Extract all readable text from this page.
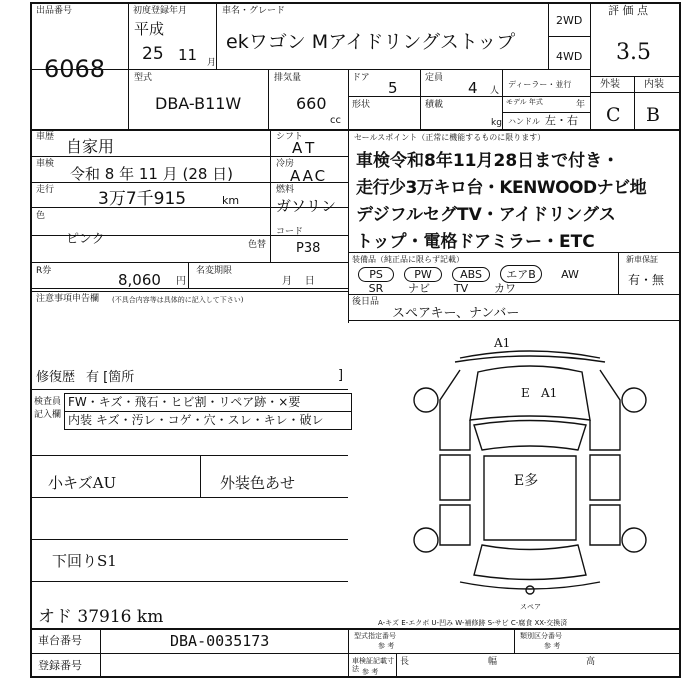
出品番号
6068
初度登録年月
平成
25 11 月
車名・グレード
ekワゴン Mアイドリングストップ
2WD
4WD
評 価 点
3.5
外装 内装
C B
型式
DBA-B11W
排気量
660
cc
ドア
5
定員
4 人
形状	積載
kg
ディーラー・並行
モデル 年式	年
ハンドル 左・右
車歴 自家用	シフト
AT
車検
令和 8 年 11 月 (28 日)
冷房
AAC
走行	3万7千915	km
燃料
ガソリン
色
ピンク	色替
コード
P38
R券	8,060 円
名変期限
月    日
セールスポイント（正常に機能するものに限ります）
車検令和8年11月28日まで付き・
走行少3万キロ台・KENWOODナビ地
デジフルセグTV・アイドリングス
トップ・電格ドアミラー・ETC
装備品（純正品に限らず記載）	新車保証
有・無
PS	PW	ABS エアB AW
SR ナビ TV カワ
後日品
スペアキー、ナンバー
注意事項申告欄 (不具合内容等は具体的に記入して下さい)
修復歴 有 [箇所	]
検査員
記入欄
FW・キズ・飛石・ヒビ割・リペア跡・×要
内装 キズ・汚レ・コゲ・穴・スレ・キレ・破レ
小キズAU	外装色あせ
下回りS1
オド 37916 km
A1
E A1
E多
スペア
A-キズ E-エクボ U-凹み W-補修跡 S-サビ C-腐食 XX-交換済
車台番号	DBA-0035173
登録番号
型式指定番号
参 考
類別区分番号
参 考
車検証記載寸法 参 考
長	幅	高
